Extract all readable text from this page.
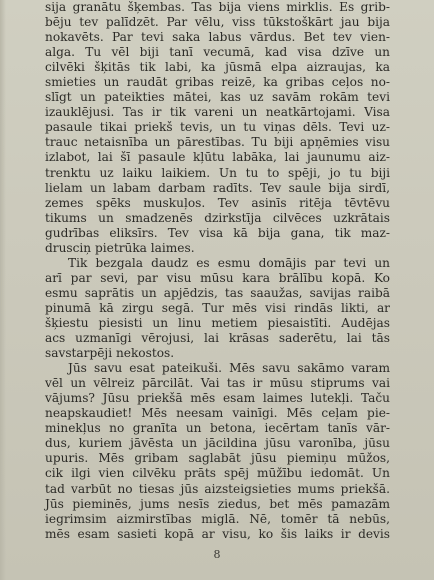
sija granātu šķembas. Tas bija viens mirklis. Es grib-

bēju tev palīdzēt. Par vēlu, viss tūkstoškārt jau bija

nokavēts. Par tevi saka labus vārdus. Bet tev vien-

alga. Tu vēl biji tanī vecumā, kad visa dzīve un

cilvēki šķitās tik labi, ka jūsmā elpa aizraujas, ka

smieties un raudāt gribas reizē, ka gribas ceļos no-

slīgt un pateikties mātei, kas uz savām rokām tevi

izauklējusi. Tas ir tik vareni un neatkārtojami. Visa

pasaule tikai priekš tevis, un tu viņas dēls. Tevi uz-

trauc netaisnība un pārestības. Tu biji apņēmies visu

izlabot, lai šī pasaule kļūtu labāka, lai jaunumu aiz-

trenktu uz laiku laikiem. Un tu to spēji, jo tu biji

lielam un labam darbam radīts. Tev saule bija sirdī,

zemes spēks muskuļos. Tev asinīs ritēja tēvtēvu

tikums un smadzenēs dzirkstīja cilvēces uzkrātais

gudrības eliksīrs. Tev visa kā bija gana, tik maz-

drusciņ pietrūka laimes.

Tik bezgala daudz es esmu domājis par tevi un

arī par sevi, par visu mūsu kara brālību kopā. Ko

esmu saprātis un apjēdzis, tas saaužas, savijas raibā

pinumā kā zirgu segā. Tur mēs visi rindās likti, ar

šķiestu piesisti un linu metiem piesaistīti. Audējas

acs uzmanīgi vērojusi, lai krāsas saderētu, lai tās

savstarpēji nekostos.

Jūs savu esat pateikuši. Mēs savu sakāmo varam

vēl un vēlreiz pārcilāt. Vai tas ir mūsu stiprums vai

vājums? Jūsu priekšā mēs esam laimes lutekļi. Taču

neapskaudiet! Mēs neesam vainīgi. Mēs ceļam pie-

minekļus no granīta un betona, iecērtam tanīs vār-

dus, kuriem jāvēsta un jācildina jūsu varonība, jūsu

upuris. Mēs gribam saglabāt jūsu piemiņu mūžos,

cik ilgi vien cilvēku prāts spēj mūžību iedomāt. Un

tad varbūt no tiesas jūs aizsteigsieties mums priekšā.

Jūs pieminēs, jums nesīs ziedus, bet mēs pamazām

iegrimsim aizmirstības miglā. Nē, tomēr tā nebūs,

mēs esam sasieti kopā ar visu, ko šis laiks ir devis

8
